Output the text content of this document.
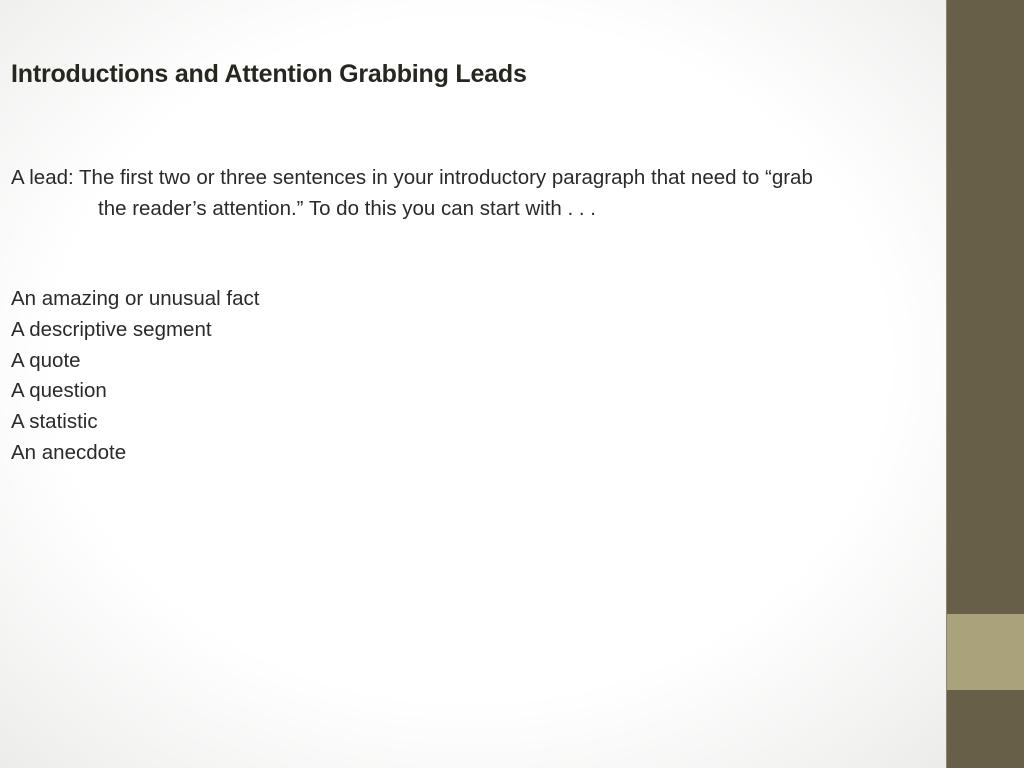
Introductions and Attention Grabbing Leads
A lead: The first two or three sentences in your introductory paragraph that need to “grab
the reader’s attention.” To do this you can start with . . .
An amazing or unusual fact
A descriptive segment
A quote
A question
A statistic
An anecdote
